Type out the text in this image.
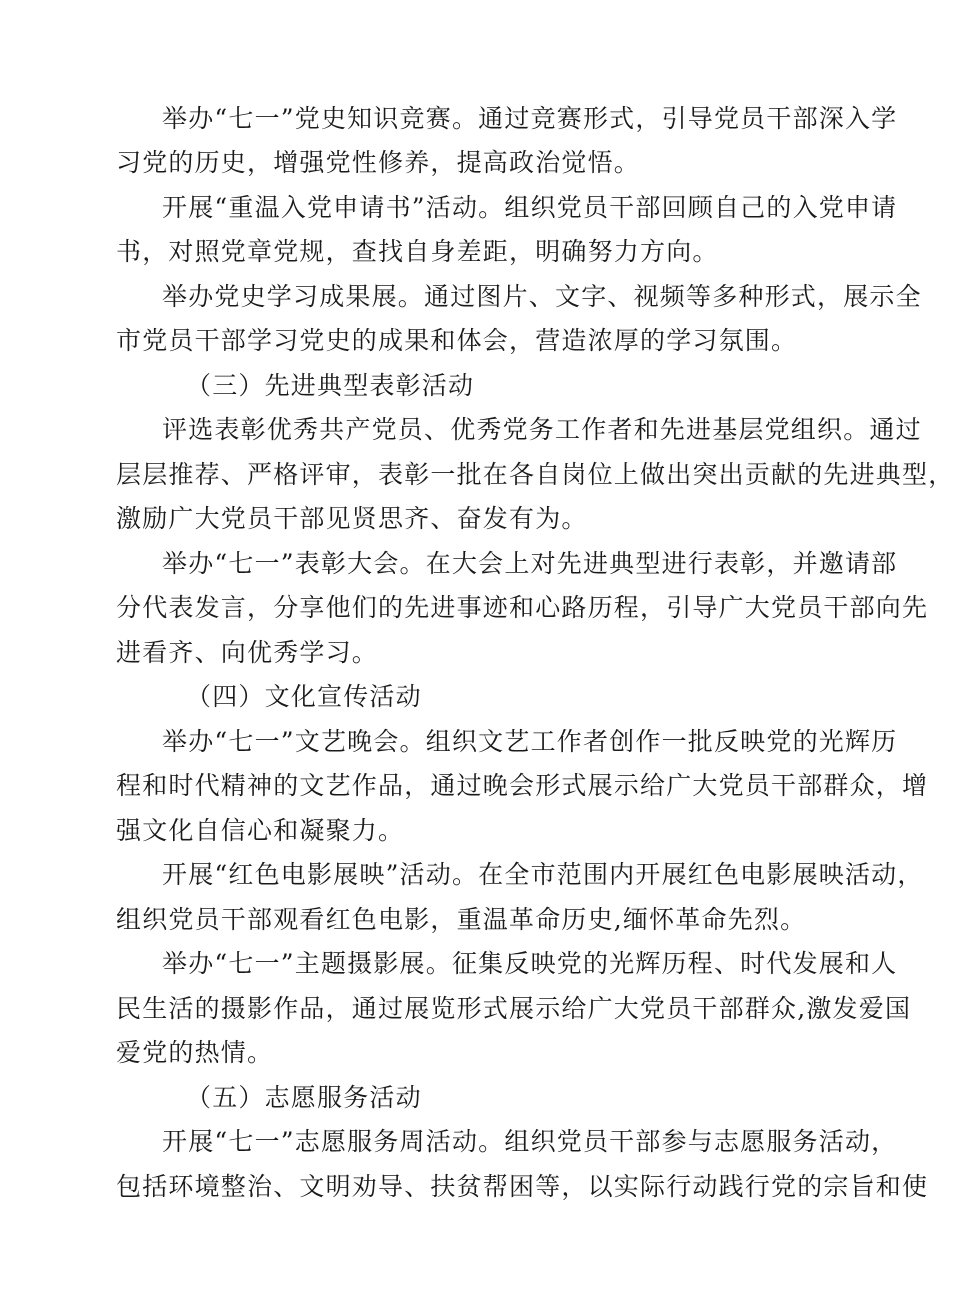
举办“七一”党史知识竞赛。通过竞赛形式，引导党员干部深入学
习党的历史，增强党性修养，提高政治觉悟。
开展“重温入党申请书”活动。组织党员干部回顾自己的入党申请
书，对照党章党规，查找自身差距，明确努力方向。
举办党史学习成果展。通过图片、文字、视频等多种形式，展示全
市党员干部学习党史的成果和体会，营造浓厚的学习氛围。
（三）先进典型表彰活动
评选表彰优秀共产党员、优秀党务工作者和先进基层党组织。通过
层层推荐、严格评审，表彰一批在各自岗位上做出突出贡献的先进典型，
激励广大党员干部见贤思齐、奋发有为。
举办“七一”表彰大会。在大会上对先进典型进行表彰，并邀请部
分代表发言，分享他们的先进事迹和心路历程，引导广大党员干部向先
进看齐、向优秀学习。
（四）文化宣传活动
举办“七一”文艺晚会。组织文艺工作者创作一批反映党的光辉历
程和时代精神的文艺作品，通过晚会形式展示给广大党员干部群众，增
强文化自信心和凝聚力。
开展“红色电影展映”活动。在全市范围内开展红色电影展映活动，
组织党员干部观看红色电影，重温革命历史,缅怀革命先烈。
举办“七一”主题摄影展。征集反映党的光辉历程、时代发展和人
民生活的摄影作品，通过展览形式展示给广大党员干部群众,激发爱国
爱党的热情。
（五）志愿服务活动
开展“七一”志愿服务周活动。组织党员干部参与志愿服务活动，
包括环境整治、文明劝导、扶贫帮困等，以实际行动践行党的宗旨和使
